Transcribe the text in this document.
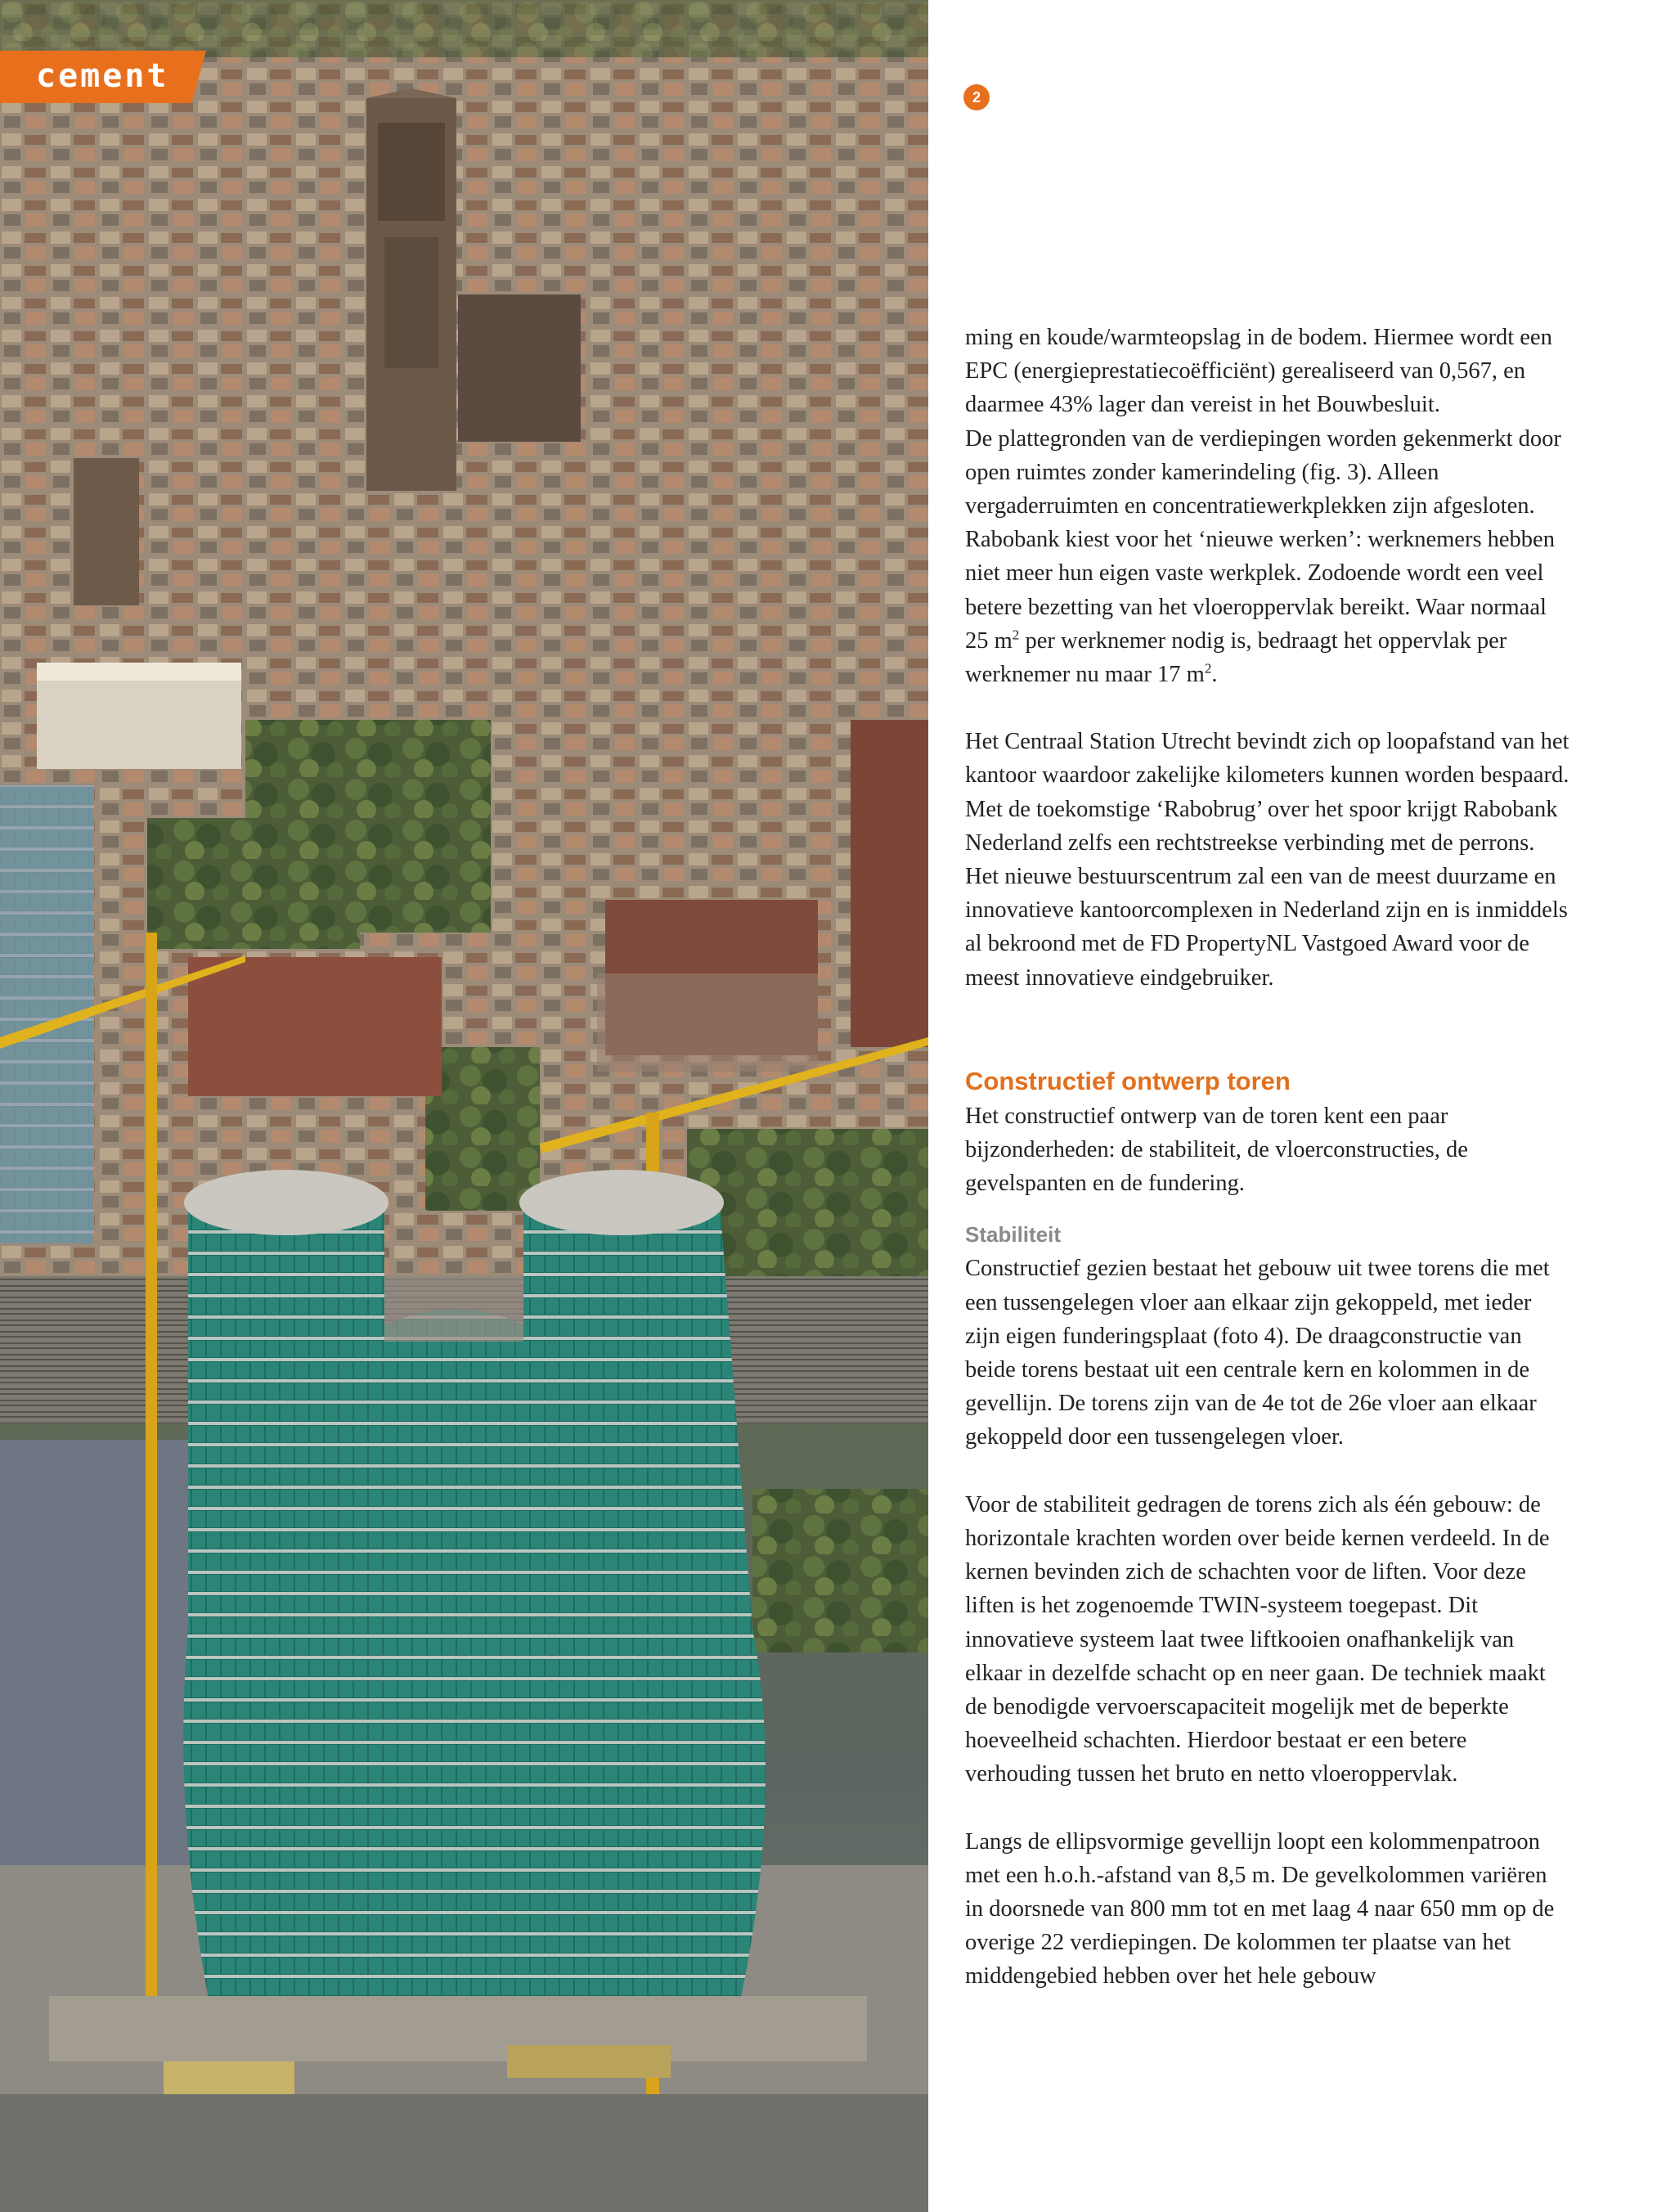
cement
2

ming en koude/warmteopslag in de bodem. Hiermee wordt een EPC (energieprestatiecoëfficiënt) gerealiseerd van 0,567, en daarmee 43% lager dan vereist in het Bouwbesluit.

De plattegronden van de verdiepingen worden gekenmerkt door open ruimtes zonder kamerindeling (fig. 3). Alleen vergaderruimten en concentratiewerkplekken zijn afgesloten. Rabobank kiest voor het ‘nieuwe werken’: werknemers hebben niet meer hun eigen vaste werkplek. Zodoende wordt een veel betere bezetting van het vloeroppervlak bereikt. Waar normaal 25 $m^2$ per werknemer nodig is, bedraagt het oppervlak per werknemer nu maar 17 $m^2$.

Het Centraal Station Utrecht bevindt zich op loopafstand van het kantoor waardoor zakelijke kilometers kunnen worden bespaard. Met de toekomstige ‘Rabobrug’ over het spoor krijgt Rabobank Nederland zelfs een rechtstreekse verbinding met de perrons.

Het nieuwe bestuurscentrum zal een van de meest duurzame en innovatieve kantoorcomplexen in Nederland zijn en is inmiddels al bekroond met de FD PropertyNL Vastgoed Award voor de meest innovatieve eindgebruiker.

Constructief ontwerp toren

Het constructief ontwerp van de toren kent een paar bijzonderheden: de stabiliteit, de vloerconstructies, de gevelspanten en de fundering.

Stabiliteit

Constructief gezien bestaat het gebouw uit twee torens die met een tussengelegen vloer aan elkaar zijn gekoppeld, met ieder zijn eigen funderingsplaat (foto 4). De draagconstructie van beide torens bestaat uit een centrale kern en kolommen in de gevellijn. De torens zijn van de 4e tot de 26e vloer aan elkaar gekoppeld door een tussengelegen vloer.

Voor de stabiliteit gedragen de torens zich als één gebouw: de horizontale krachten worden over beide kernen verdeeld. In de kernen bevinden zich de schachten voor de liften. Voor deze liften is het zogenoemde TWIN-systeem toegepast. Dit innovatieve systeem laat twee liftkooien onafhankelijk van elkaar in dezelfde schacht op en neer gaan. De techniek maakt de benodigde vervoerscapaciteit mogelijk met de beperkte hoeveelheid schachten. Hierdoor bestaat er een betere verhouding tussen het bruto en netto vloeroppervlak.

Langs de ellipsvormige gevellijn loopt een kolommenpatroon met een h.o.h.-afstand van 8,5 m. De gevelkolommen variëren in doorsnede van 800 mm tot en met laag 4 naar 650 mm op de overige 22 verdiepingen. De kolommen ter plaatse van het middengebied hebben over het hele gebouw
